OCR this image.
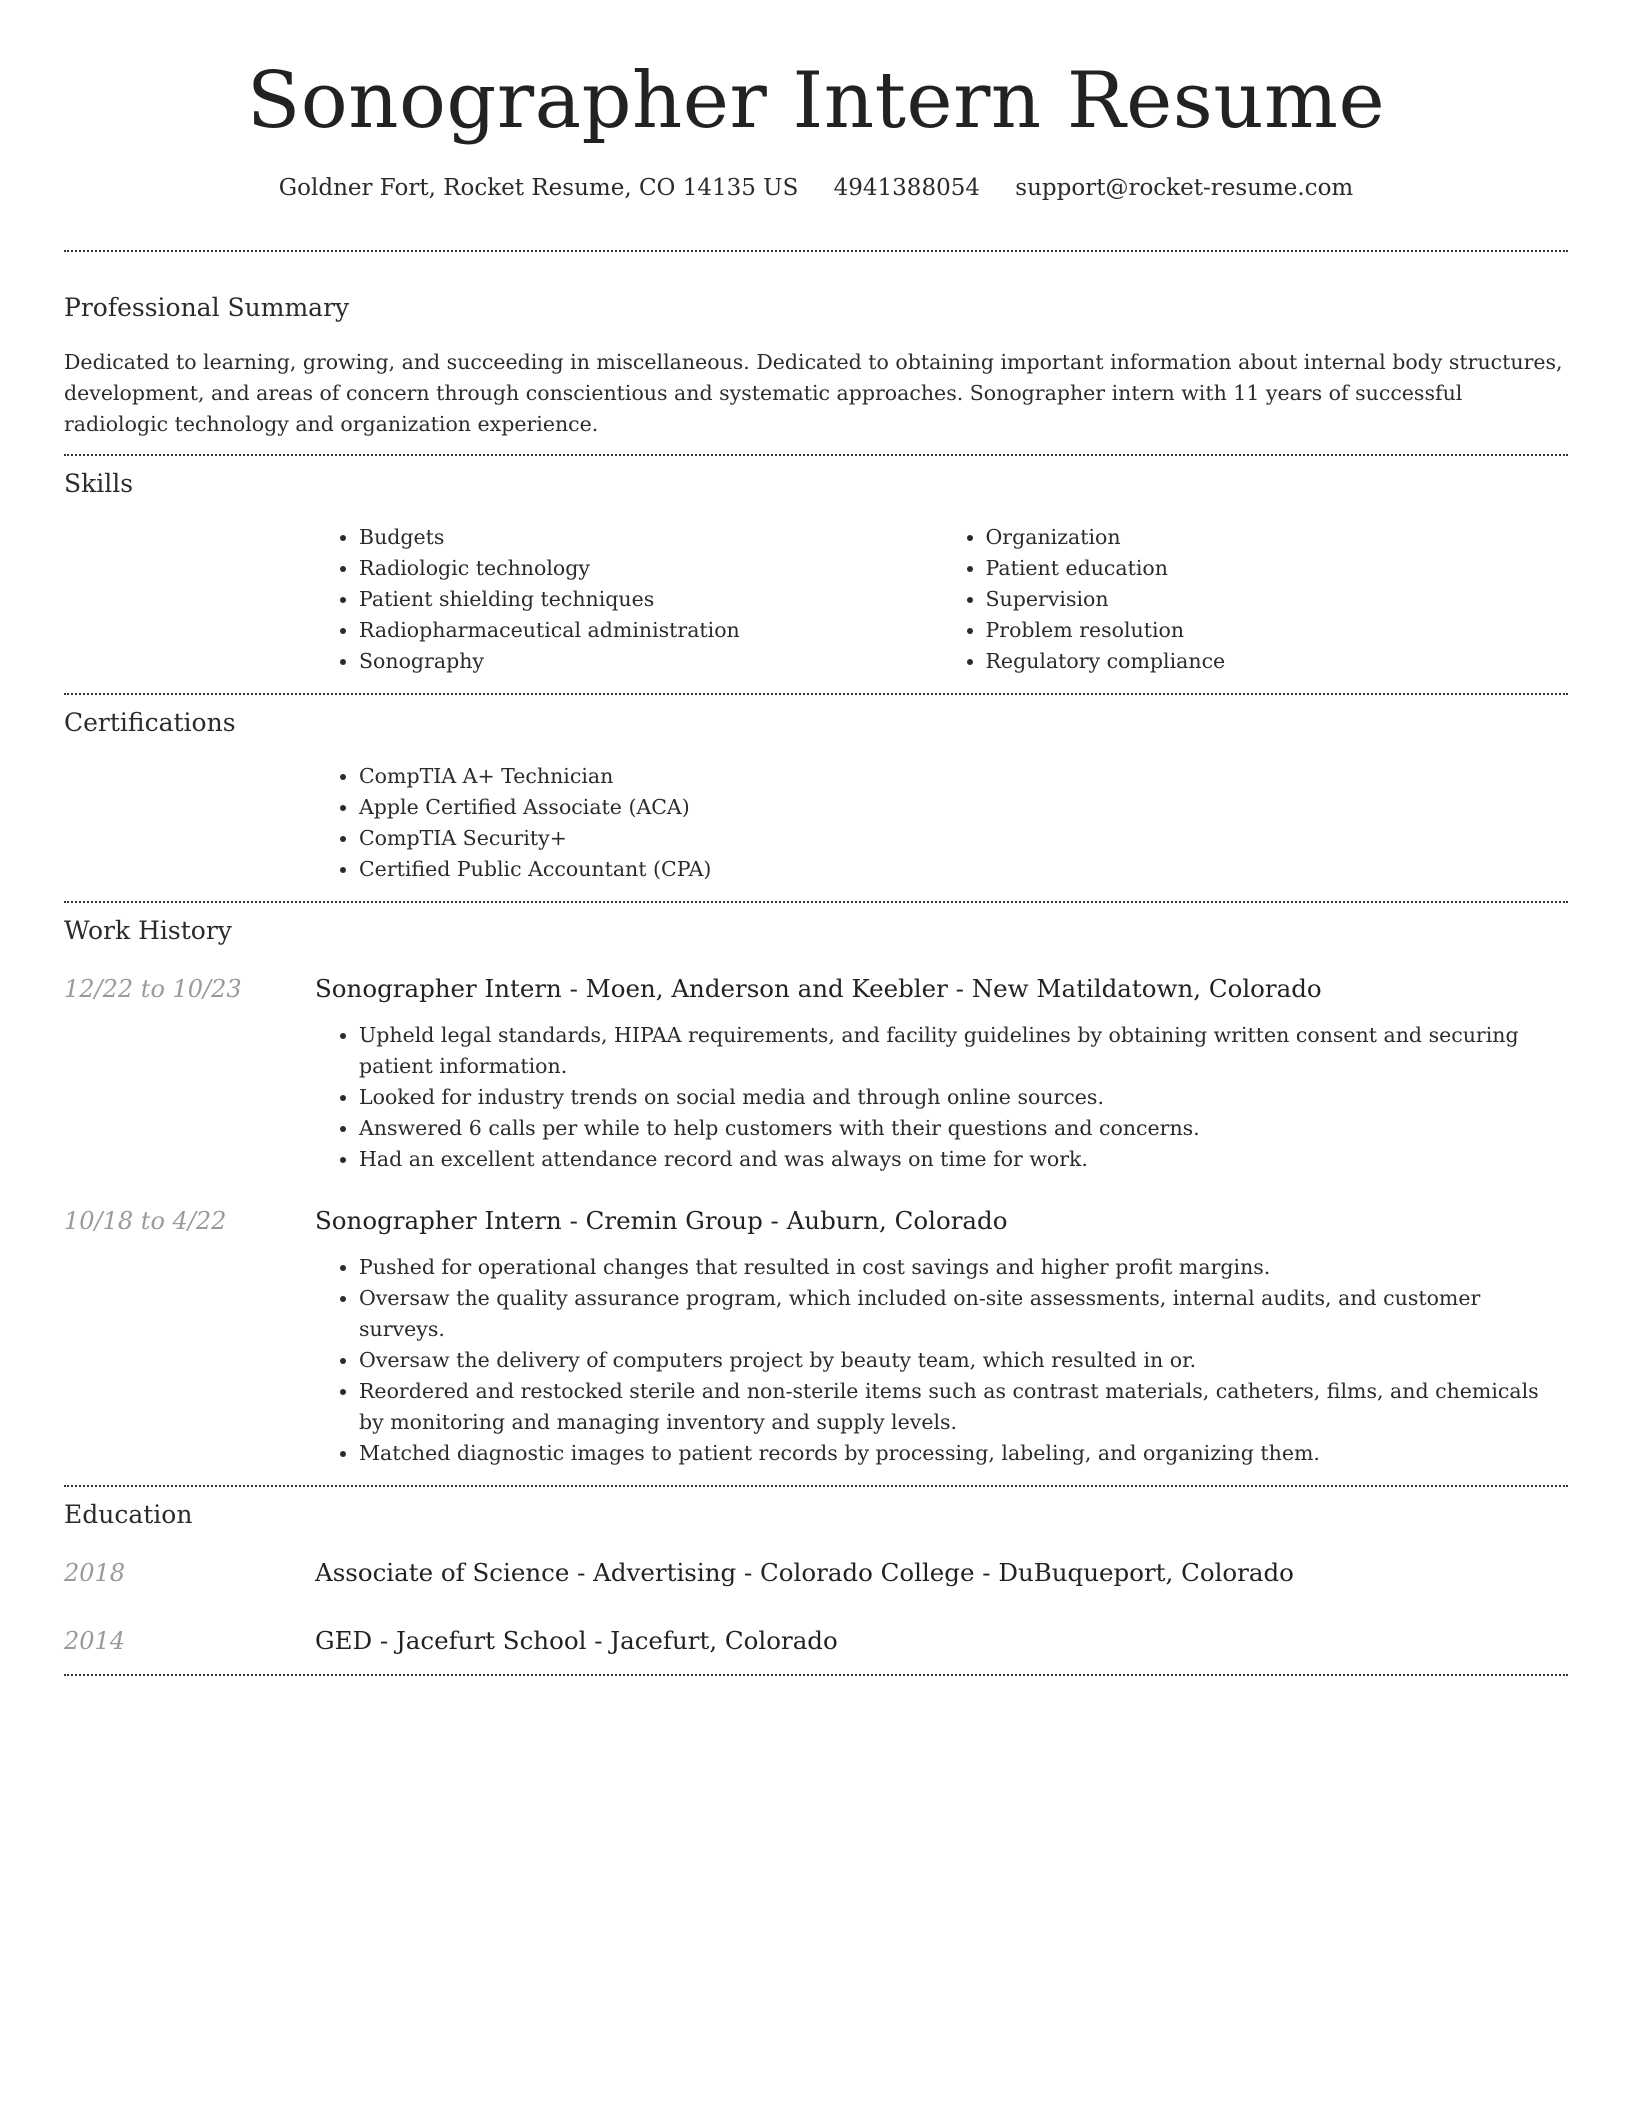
Sonographer Intern Resume
Goldner Fort, Rocket Resume, CO 14135 US 4941388054 support@rocket-resume.com
Professional Summary

Dedicated to learning, growing, and succeeding in miscellaneous. Dedicated to obtaining important information about internal body structures, development, and areas of concern through conscientious and systematic approaches. Sonographer intern with 11 years of successful radiologic technology and organization experience.

Skills
• Budgets
• Radiologic technology
• Patient shielding techniques
• Radiopharmaceutical administration
• Sonography
• Organization
• Patient education
• Supervision
• Problem resolution
• Regulatory compliance
Certifications
• CompTIA A+ Technician
• Apple Certified Associate (ACA)
• CompTIA Security+
• Certified Public Accountant (CPA)
Work History
12/22 to 10/23	Sonographer Intern - Moen, Anderson and Keebler - New Matildatown, Colorado
• Upheld legal standards, HIPAA requirements, and facility guidelines by obtaining written consent and securing patient information.
• Looked for industry trends on social media and through online sources.
• Answered 6 calls per while to help customers with their questions and concerns.
• Had an excellent attendance record and was always on time for work.
10/18 to 4/22	Sonographer Intern - Cremin Group - Auburn, Colorado
• Pushed for operational changes that resulted in cost savings and higher profit margins.
• Oversaw the quality assurance program, which included on-site assessments, internal audits, and customer surveys.
• Oversaw the delivery of computers project by beauty team, which resulted in or.
• Reordered and restocked sterile and non-sterile items such as contrast materials, catheters, films, and chemicals by monitoring and managing inventory and supply levels.
• Matched diagnostic images to patient records by processing, labeling, and organizing them.
Education
2018	Associate of Science - Advertising - Colorado College - DuBuqueport, Colorado
2014	GED - Jacefurt School - Jacefurt, Colorado
